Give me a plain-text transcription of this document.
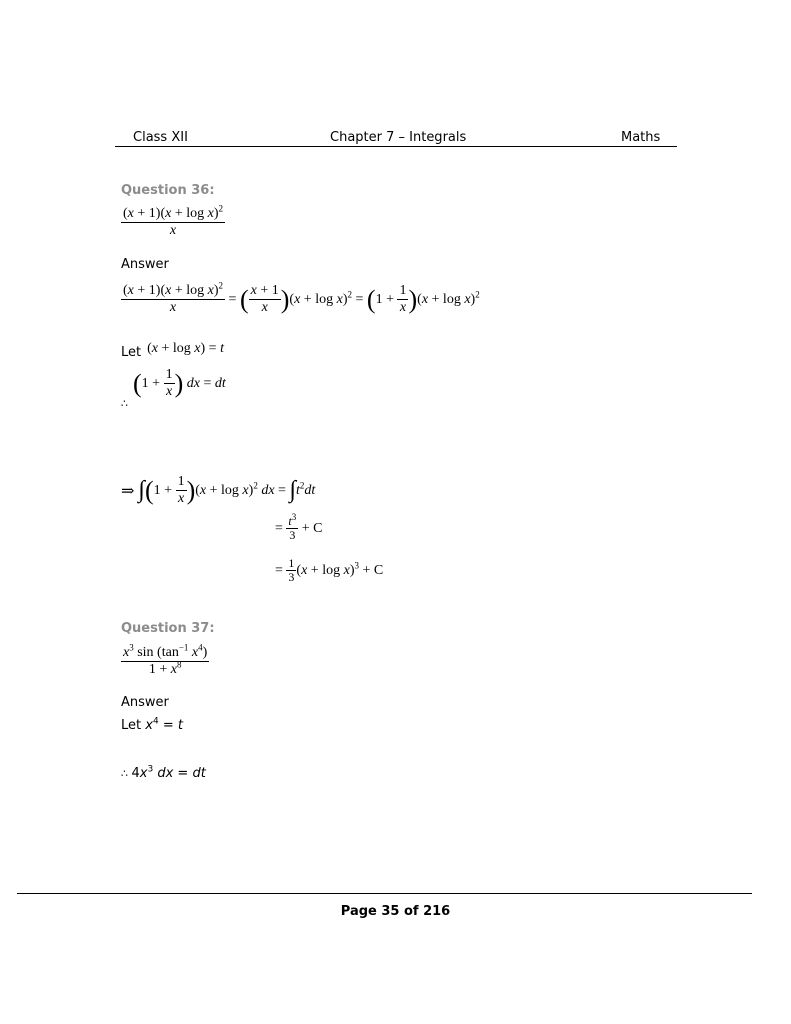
Class XII	Chapter 7 – Integrals	Maths
Question 36:
$\frac{(x + 1)(x + \log x)^2}{x}$
Answer
$\frac{(x + 1)(x + \log x)^2}{x}$ = ( $\frac{x + 1}{x}$ ) $(x + \log x)^2$ = ( $1 + \frac{1}{x}$ ) $(x + \log x)^2$
Let (x + log x) = t
( $1 + \frac{1}{x}$ ) dx = dt
∴
⇒ ∫ ( $1 + \frac{1}{x}$ ) $(x + \log x)^2$ dx = ∫ $t^2dt$
= $\frac{t^3}{3} + C$
= $\frac{1}{3} (x + \log x)^3 + C$
Question 37:
$\frac{x^3 \sin (\tan^{-1} x^4)}{1 + x^8}$
Answer
Let $x^4 = t$
∴ $4x^3$ dx = dt
Page 35 of 216
